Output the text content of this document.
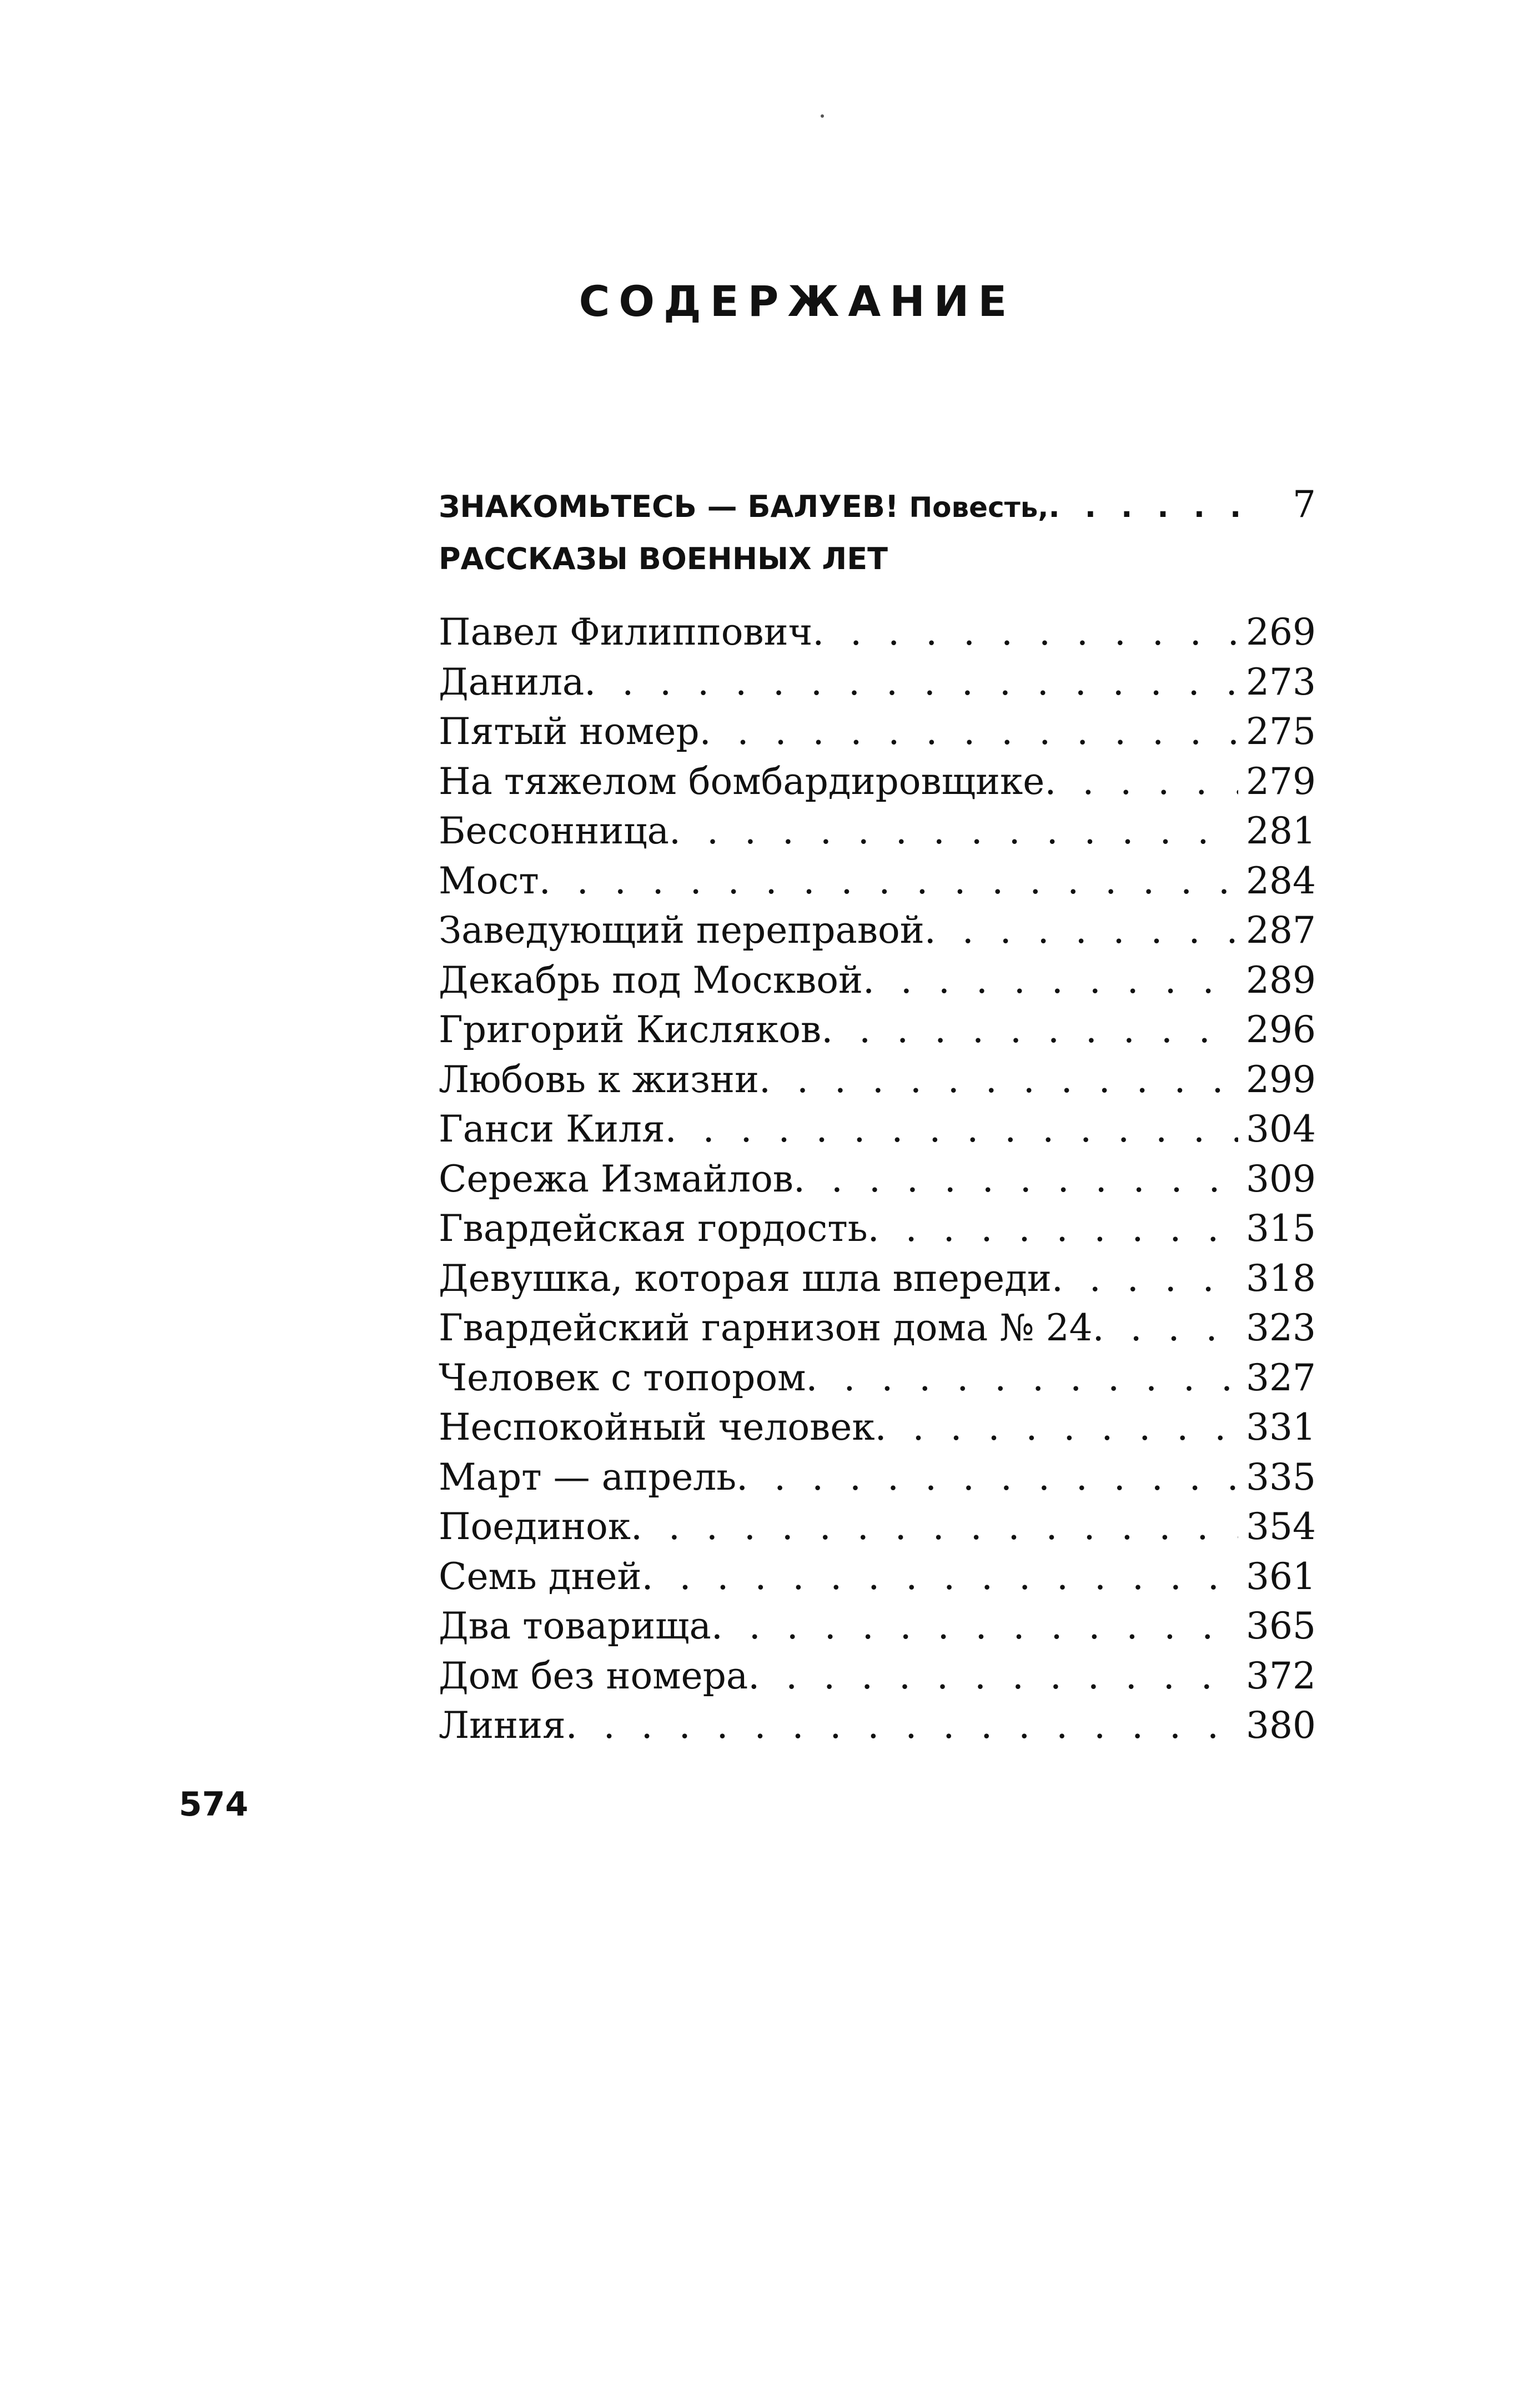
СОДЕРЖАНИЕ
ЗНАКОМЬТЕСЬ — БАЛУЕВ! Повесть, . . .	7
РАССКАЗЫ ВОЕННЫХ ЛЕТ
Павел Филиппович . . .	269
Данила . . .	273
Пятый номер . . .	275
На тяжелом бомбардировщике . . .	279
Бессонница . . .	281
Мост . . .	284
Заведующий переправой . . .	287
Декабрь под Москвой . . .	289
Григорий Кисляков . . .	296
Любовь к жизни . . .	299
Ганси Киля . . .	304
Сережа Измайлов . . .	309
Гвардейская гордость . . .	315
Девушка, которая шла впереди . . .	318
Гвардейский гарнизон дома № 24 . . .	323
Человек с топором . . .	327
Неспокойный человек . . .	331
Март — апрель . . .	335
Поединок . . .	354
Семь дней . . .	361
Два товарища . . .	365
Дом без номера . . .	372
Линия . . .	380
574
